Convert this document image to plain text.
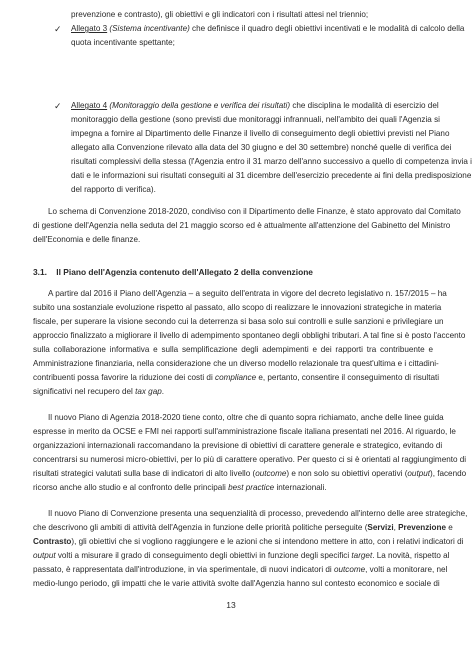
prevenzione e contrasto), gli obiettivi e gli indicatori con i risultati attesi nel triennio;

✓ Allegato 3 (Sistema incentivante) che definisce il quadro degli obiettivi incentivati e le modalità di calcolo della
quota incentivante spettante;

✓ Allegato 4 (Monitoraggio della gestione e verifica dei risultati) che disciplina le modalità di esercizio del
monitoraggio della gestione (sono previsti due monitoraggi infrannuali, nell'ambito dei quali l'Agenzia si
impegna a fornire al Dipartimento delle Finanze il livello di conseguimento degli obiettivi previsti nel Piano
allegato alla Convenzione rilevato alla data del 30 giugno e del 30 settembre) nonché quelle di verifica dei
risultati complessivi della stessa (l'Agenzia entro il 31 marzo dell'anno successivo a quello di competenza invia i
dati e le informazioni sui risultati conseguiti al 31 dicembre dell'esercizio precedente ai fini della predisposizione
del rapporto di verifica).

Lo schema di Convenzione 2018-2020, condiviso con il Dipartimento delle Finanze, è stato approvato dal Comitato
di gestione dell'Agenzia nella seduta del 21 maggio scorso ed è attualmente all'attenzione del Gabinetto del Ministro
dell'Economia e delle finanze.

3.1. Il Piano dell'Agenzia contenuto dell'Allegato 2 della convenzione

A partire dal 2016 il Piano dell'Agenzia – a seguito dell'entrata in vigore del decreto legislativo n. 157/2015 – ha
subito una sostanziale evoluzione rispetto al passato, allo scopo di realizzare le innovazioni strategiche in materia
fiscale, per superare la visione secondo cui la deterrenza si basa solo sui controlli e sulle sanzioni e privilegiare un
approccio finalizzato a migliorare il livello di adempimento spontaneo degli obblighi tributari. A tal fine si è posto l'accento
sulla collaborazione informativa e sulla semplificazione degli adempimenti e dei rapporti tra contribuente e
Amministrazione finanziaria, nella considerazione che un diverso modello relazionale tra quest'ultima e i cittadini-
contribuenti possa favorire la riduzione dei costi di compliance e, pertanto, consentire il conseguimento di risultati
significativi nel recupero del tax gap.

Il nuovo Piano di Agenzia 2018-2020 tiene conto, oltre che di quanto sopra richiamato, anche delle linee guida
espresse in merito da OCSE e FMI nei rapporti sull'amministrazione fiscale italiana presentati nel 2016. Al riguardo, le
organizzazioni internazionali raccomandano la previsione di obiettivi di carattere generale e strategico, evitando di
concentrarsi su numerosi micro-obiettivi, per lo più di carattere operativo. Per questo ci si è orientati al raggiungimento di
risultati strategici valutati sulla base di indicatori di alto livello (outcome) e non solo su obiettivi operativi (output), facendo
ricorso anche allo studio e al confronto delle principali best practice internazionali.

Il nuovo Piano di Convenzione presenta una sequenzialità di processo, prevedendo all'interno delle aree strategiche,
che descrivono gli ambiti di attività dell'Agenzia in funzione delle priorità politiche perseguite (Servizi, Prevenzione e
Contrasto), gli obiettivi che si vogliono raggiungere e le azioni che si intendono mettere in atto, con i relativi indicatori di
output volti a misurare il grado di conseguimento degli obiettivi in funzione degli specifici target. La novità, rispetto al
passato, è rappresentata dall'introduzione, in via sperimentale, di nuovi indicatori di outcome, volti a monitorare, nel
medio-lungo periodo, gli impatti che le varie attività svolte dall'Agenzia hanno sul contesto economico e sociale di

13
